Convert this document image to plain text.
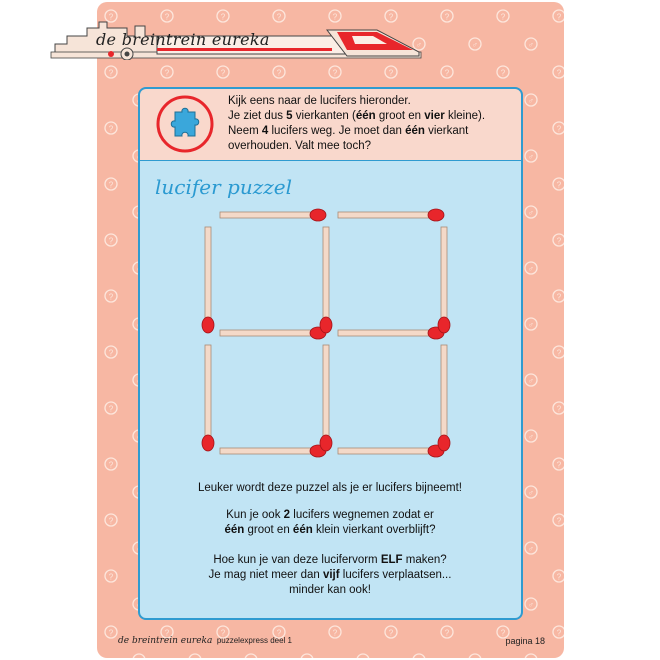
de breintrein eureka
Kijk eens naar de lucifers hieronder.
Je ziet dus 5 vierkanten (één groot en vier kleine).
Neem 4 lucifers weg. Je moet dan één vierkant
overhouden. Valt mee toch?
lucifer puzzel
Leuker wordt deze puzzel als je er lucifers bijneemt!
Kun je ook 2 lucifers wegnemen zodat er
één groot en één klein vierkant overblijft?
Hoe kun je van deze lucifervorm ELF maken?
Je mag niet meer dan vijf lucifers verplaatsen...
minder kan ook!
de breintrein eureka puzzelexpress deel 1	pagina 18
